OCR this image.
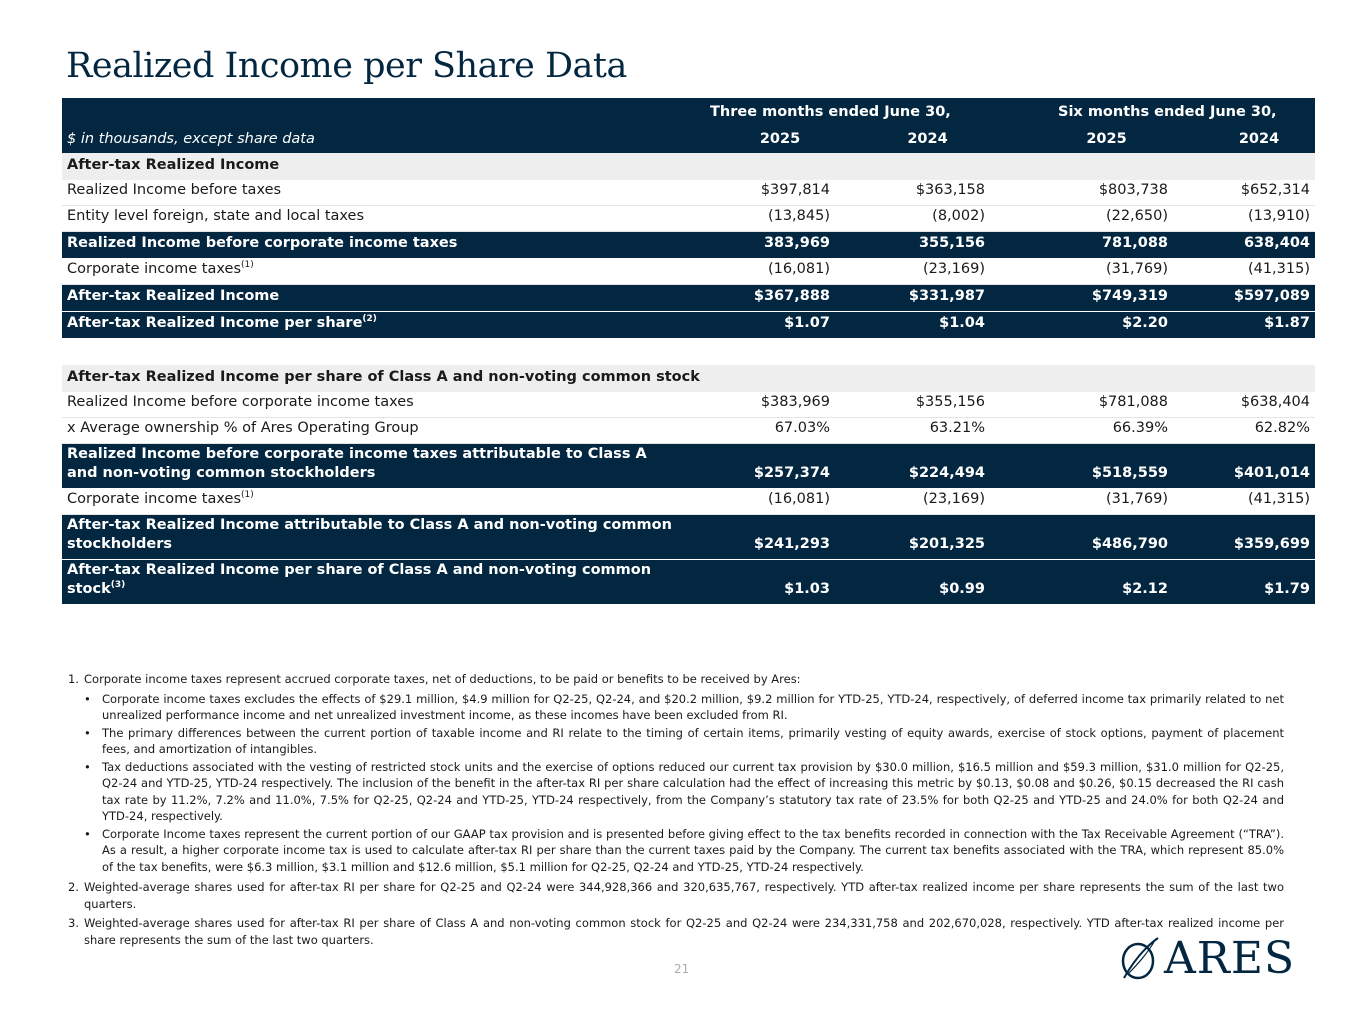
Realized Income per Share Data
Three months ended June 30,	Six months ended June 30,
$ in thousands, except share data	2025	2024	2025	2024
After-tax Realized Income
Realized Income before taxes	$397,814	$363,158	$803,738	$652,314
Entity level foreign, state and local taxes	(13,845)	(8,002)	(22,650)	(13,910)
Realized Income before corporate income taxes	383,969	355,156	781,088	638,404
Corporate income taxes$^{(1)}$	(16,081)	(23,169)	(31,769)	(41,315)
After-tax Realized Income	$367,888	$331,987	$749,319	$597,089
After-tax Realized Income per share$^{(2)}$	$1.07	$1.04	$2.20	$1.87
After-tax Realized Income per share of Class A and non-voting common stock
Realized Income before corporate income taxes	$383,969	$355,156	$781,088	$638,404
x Average ownership % of Ares Operating Group	67.03%	63.21%	66.39%	62.82%
Realized Income before corporate income taxes attributable to Class A and non-voting common stockholders	$257,374	$224,494	$518,559	$401,014
Corporate income taxes$^{(1)}$	(16,081)	(23,169)	(31,769)	(41,315)
After-tax Realized Income attributable to Class A and non-voting common stockholders	$241,293	$201,325	$486,790	$359,699
After-tax Realized Income per share of Class A and non-voting common stock$^{(3)}$	$1.03	$0.99	$2.12	$1.79
1. Corporate income taxes represent accrued corporate taxes, net of deductions, to be paid or benefits to be received by Ares:
• Corporate income taxes excludes the effects of $29.1 million, $4.9 million for Q2-25, Q2-24, and $20.2 million, $9.2 million for YTD-25, YTD-24, respectively, of deferred income tax primarily related to net unrealized performance income and net unrealized investment income, as these incomes have been excluded from RI.
• The primary differences between the current portion of taxable income and RI relate to the timing of certain items, primarily vesting of equity awards, exercise of stock options, payment of placement fees, and amortization of intangibles.
• Tax deductions associated with the vesting of restricted stock units and the exercise of options reduced our current tax provision by $30.0 million, $16.5 million and $59.3 million, $31.0 million for Q2-25, Q2-24 and YTD-25, YTD-24 respectively. The inclusion of the benefit in the after-tax RI per share calculation had the effect of increasing this metric by $0.13, $0.08 and $0.26, $0.15 decreased the RI cash tax rate by 11.2%, 7.2% and 11.0%, 7.5% for Q2-25, Q2-24 and YTD-25, YTD-24 respectively, from the Company’s statutory tax rate of 23.5% for both Q2-25 and YTD-25 and 24.0% for both Q2-24 and YTD-24, respectively.
• Corporate Income taxes represent the current portion of our GAAP tax provision and is presented before giving effect to the tax benefits recorded in connection with the Tax Receivable Agreement (“TRA”). As a result, a higher corporate income tax is used to calculate after-tax RI per share than the current taxes paid by the Company. The current tax benefits associated with the TRA, which represent 85.0% of the tax benefits, were $6.3 million, $3.1 million and $12.6 million, $5.1 million for Q2-25, Q2-24 and YTD-25, YTD-24 respectively.
2. Weighted-average shares used for after-tax RI per share for Q2-25 and Q2-24 were 344,928,366 and 320,635,767, respectively. YTD after-tax realized income per share represents the sum of the last two quarters.
3. Weighted-average shares used for after-tax RI per share of Class A and non-voting common stock for Q2-25 and Q2-24 were 234,331,758 and 202,670,028, respectively. YTD after-tax realized income per share represents the sum of the last two quarters.
21	ARES
